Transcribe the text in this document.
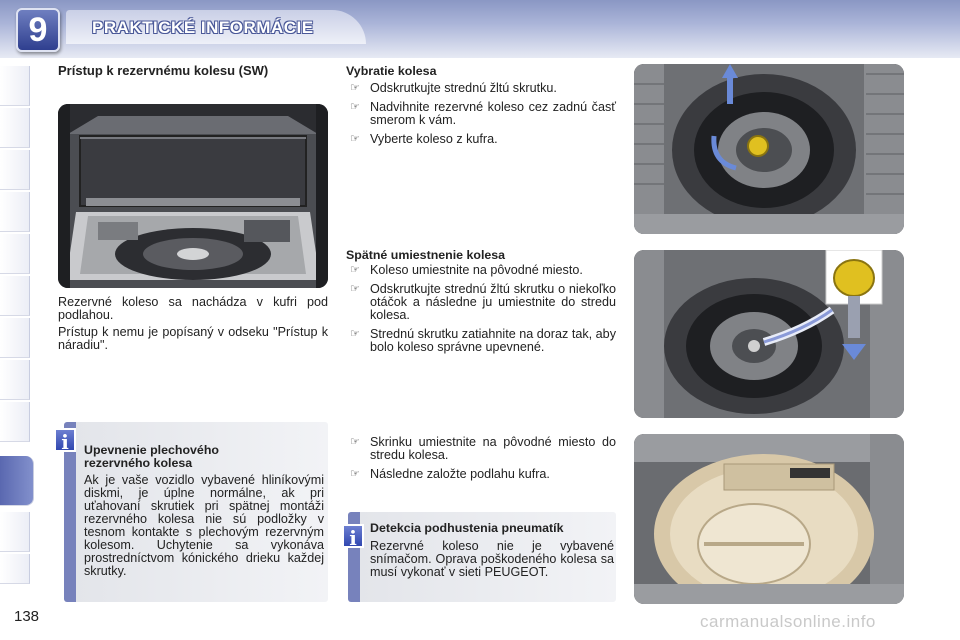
9	PRAKTICKÉ INFORMÁCIE
Prístup k rezervnému kolesu (SW)

Rezervné koleso sa nachádza v kufri pod podlahou.

Prístup k nemu je popísaný v odseku "Prístup k náradiu".

Upevnenie plechového rezervného kolesa
Ak je vaše vozidlo vybavené hliníkovými diskmi, je úplne normálne, ak pri uťahovaní skrutiek pri spätnej montáži rezervného kolesa nie sú podložky v tesnom kontakte s plechovým rezervným kolesom. Uchytenie sa vykonáva prostredníctvom kónického drieku každej skrutky.
i
Vybratie kolesa
☞ Odskrutkujte strednú žltú skrutku.
☞ Nadvihnite rezervné koleso cez zadnú časť smerom k vám.
☞ Vyberte koleso z kufra.
Spätné umiestnenie kolesa
☞ Koleso umiestnite na pôvodné miesto.
☞ Odskrutkujte strednú žltú skrutku o niekoľko otáčok a následne ju umiestnite do stredu kolesa.
☞ Strednú skrutku zatiahnite na doraz tak, aby bolo koleso správne upevnené.
☞ Skrinku umiestnite na pôvodné miesto do stredu kolesa.
☞ Následne založte podlahu kufra.
Detekcia podhustenia pneumatík
Rezervné koleso nie je vybavené snímačom. Oprava poškodeného kolesa sa musí vykonať v sieti PEUGEOT.
i
138	carmanualsonline.info
